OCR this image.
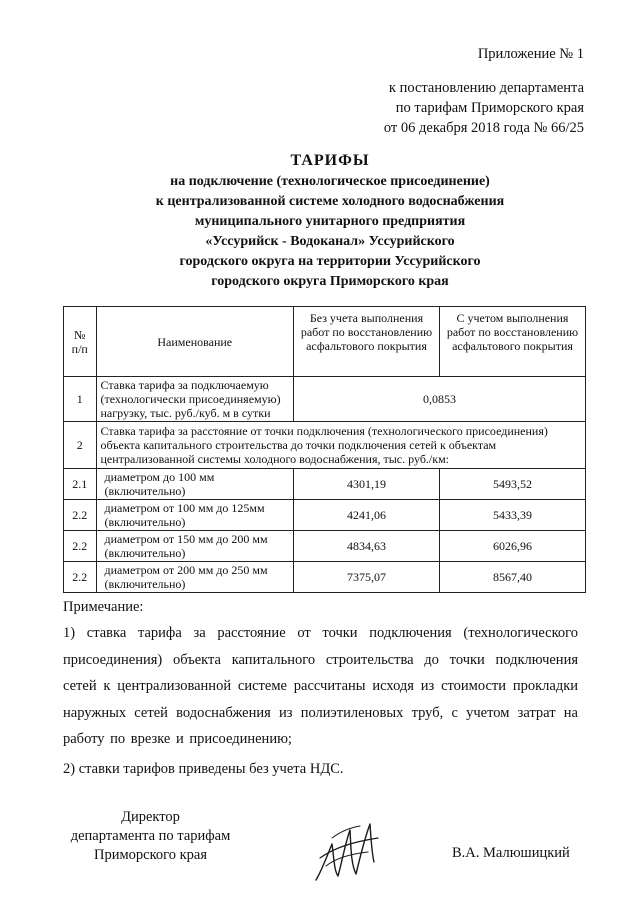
Приложение № 1
к постановлению департамента
по тарифам Приморского края
от 06 декабря 2018 года № 66/25
ТАРИФЫ
на подключение (технологическое присоединение)
к централизованной системе холодного водоснабжения
муниципального унитарного предприятия
«Уссурийск - Водоканал» Уссурийского
городского округа на территории Уссурийского
городского округа Приморского края
№ п/п	Наименование	Без учета выполнения работ по восстановлению асфальтового покрытия	С учетом выполнения работ по восстановлению асфальтового покрытия
1	Ставка тарифа за подключаемую (технологически присоединяемую) нагрузку, тыс. руб./куб. м в сутки	0,0853	
2	Ставка тарифа за расстояние от точки подключения (технологического присоединения) объекта капитального строительства до точки подключения сетей к объектам централизованной системы холодного водоснабжения, тыс. руб./км:		
2.1	диаметром до 100 мм (включительно)	4301,19	5493,52
2.2	диаметром от 100 мм до 125мм (включительно)	4241,06	5433,39
2.2	диаметром от 150 мм до 200 мм (включительно)	4834,63	6026,96
2.2	диаметром от 200 мм до 250 мм (включительно)	7375,07	8567,40
Примечание:
1) ставка тарифа за расстояние от точки подключения (технологического присоединения) объекта капитального строительства до точки подключения сетей к централизованной системе рассчитаны исходя из стоимости прокладки наружных сетей водоснабжения из полиэтиленовых труб, с учетом затрат на работу по врезке и присоединению;
2) ставки тарифов приведены без учета НДС.
Директор
департамента по тарифам
Приморского края	В.А. Малюшицкий
